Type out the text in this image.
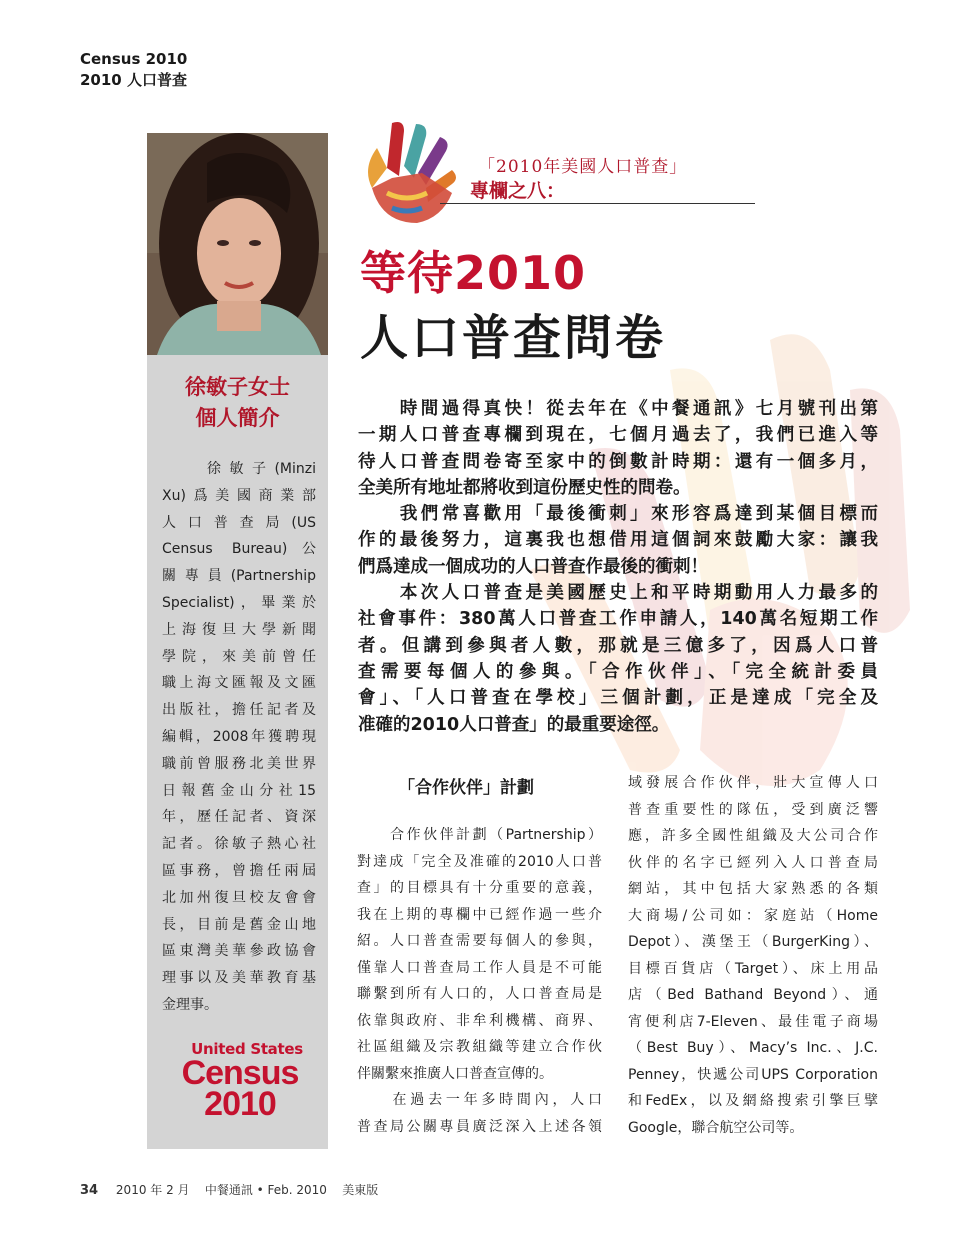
Census 2010
2010 人口普查
徐敏子女士
個人簡介
　　徐敏子(Minzi
Xu)爲美國商業部
人口普查局(US
Census Bureau)公
關專員(Partnership
Specialist)，畢業於
上海復旦大學新聞
學院，來美前曾任
職上海文匯報及文匯
出版社，擔任記者及
編輯，2008年獲聘現
職前曾服務北美世界
日報舊金山分社15
年，歷任記者、資深
記者。徐敏子熱心社
區事務，曾擔任兩屆
北加州復旦校友會會
長，目前是舊金山地
區東灣美華參政協會
理事以及美華教育基
金理事。
United States
Census
2010
「2010年美國人口普查」
專欄之八：
等待2010
人口普查問卷
　　時間過得真快！從去年在《中餐通訊》七月號刊出第
一期人口普查專欄到現在，七個月過去了，我們已進入等
待人口普查問卷寄至家中的倒數計時期：還有一個多月，
全美所有地址都將收到這份歷史性的問卷。
　　我們常喜歡用「最後衝刺」來形容爲達到某個目標而
作的最後努力，這裏我也想借用這個詞來鼓勵大家：讓我
們爲達成一個成功的人口普查作最後的衝刺！
　　本次人口普查是美國歷史上和平時期動用人力最多的
社會事件：380萬人口普查工作申請人，140萬名短期工作
者。但講到參與者人數，那就是三億多了，因爲人口普
查需要每個人的參與。「合作伙伴」、「完全統計委員
會」、「人口普查在學校」三個計劃，正是達成「完全及
准確的2010人口普查」的最重要途徑。
「合作伙伴」計劃
　　合作伙伴計劃（Partnership）
對達成「完全及准確的2010人口普
查」的目標具有十分重要的意義，
我在上期的專欄中已經作過一些介
紹。人口普查需要每個人的參與，
僅靠人口普查局工作人員是不可能
聯繫到所有人口的，人口普查局是
依靠與政府、非牟利機構、商界、
社區組織及宗教組織等建立合作伙
伴關繫來推廣人口普查宣傳的。
　　在過去一年多時間內，人口
普查局公關專員廣泛深入上述各領
域發展合作伙伴，壯大宣傳人口
普查重要性的隊伍，受到廣泛響
應，許多全國性組織及大公司合作
伙伴的名字已經列入人口普查局
網站，其中包括大家熟悉的各類
大商場/公司如：家庭站（Home
Depot）、漢堡王（BurgerKing）、
目標百貨店（Target）、床上用品
店（Bed Bathand Beyond）、通
宵便利店7-Eleven、最佳電子商場
（Best Buy）、Macy’s Inc.、J.C.
Penney，快遞公司UPS Corporation
和FedEx，以及網絡搜索引擎巨擘
Google，聯合航空公司等。
34 2010 年 2 月 中餐通訊 • Feb. 2010 美東版
